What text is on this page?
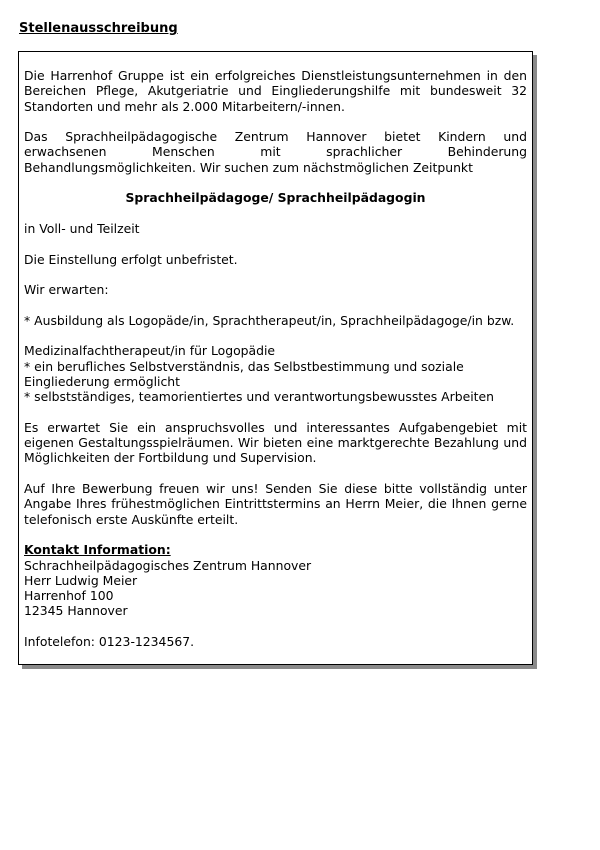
Stellenausschreibung

Die Harrenhof Gruppe ist ein erfolgreiches Dienstleistungsunternehmen in den Bereichen Pflege, Akutgeriatrie und Eingliederungshilfe mit bundesweit 32 Standorten und mehr als 2.000 Mitarbeitern/-innen.

Das Sprachheilpädagogische Zentrum Hannover bietet Kindern und erwachsenen Menschen mit sprachlicher Behinderung Behandlungsmöglichkeiten. Wir suchen zum nächstmöglichen Zeitpunkt

Sprachheilpädagoge/ Sprachheilpädagogin

in Voll- und Teilzeit

Die Einstellung erfolgt unbefristet.

Wir erwarten:

* Ausbildung als Logopäde/in, Sprachtherapeut/in, Sprachheilpädagoge/in bzw.
Medizinalfachtherapeut/in für Logopädie
* ein berufliches Selbstverständnis, das Selbstbestimmung und soziale
Eingliederung ermöglicht
* selbstständiges, teamorientiertes und verantwortungsbewusstes Arbeiten

Es erwartet Sie ein anspruchsvolles und interessantes Aufgabengebiet mit eigenen Gestaltungsspielräumen. Wir bieten eine marktgerechte Bezahlung und Möglichkeiten der Fortbildung und Supervision.

Auf Ihre Bewerbung freuen wir uns! Senden Sie diese bitte vollständig unter Angabe Ihres frühestmöglichen Eintrittstermins an Herrn Meier, die Ihnen gerne telefonisch erste Auskünfte erteilt.

Kontakt Information:
Schrachheilpädagogisches Zentrum Hannover
Herr Ludwig Meier
Harrenhof 100
12345 Hannover

Infotelefon: 0123-1234567.
